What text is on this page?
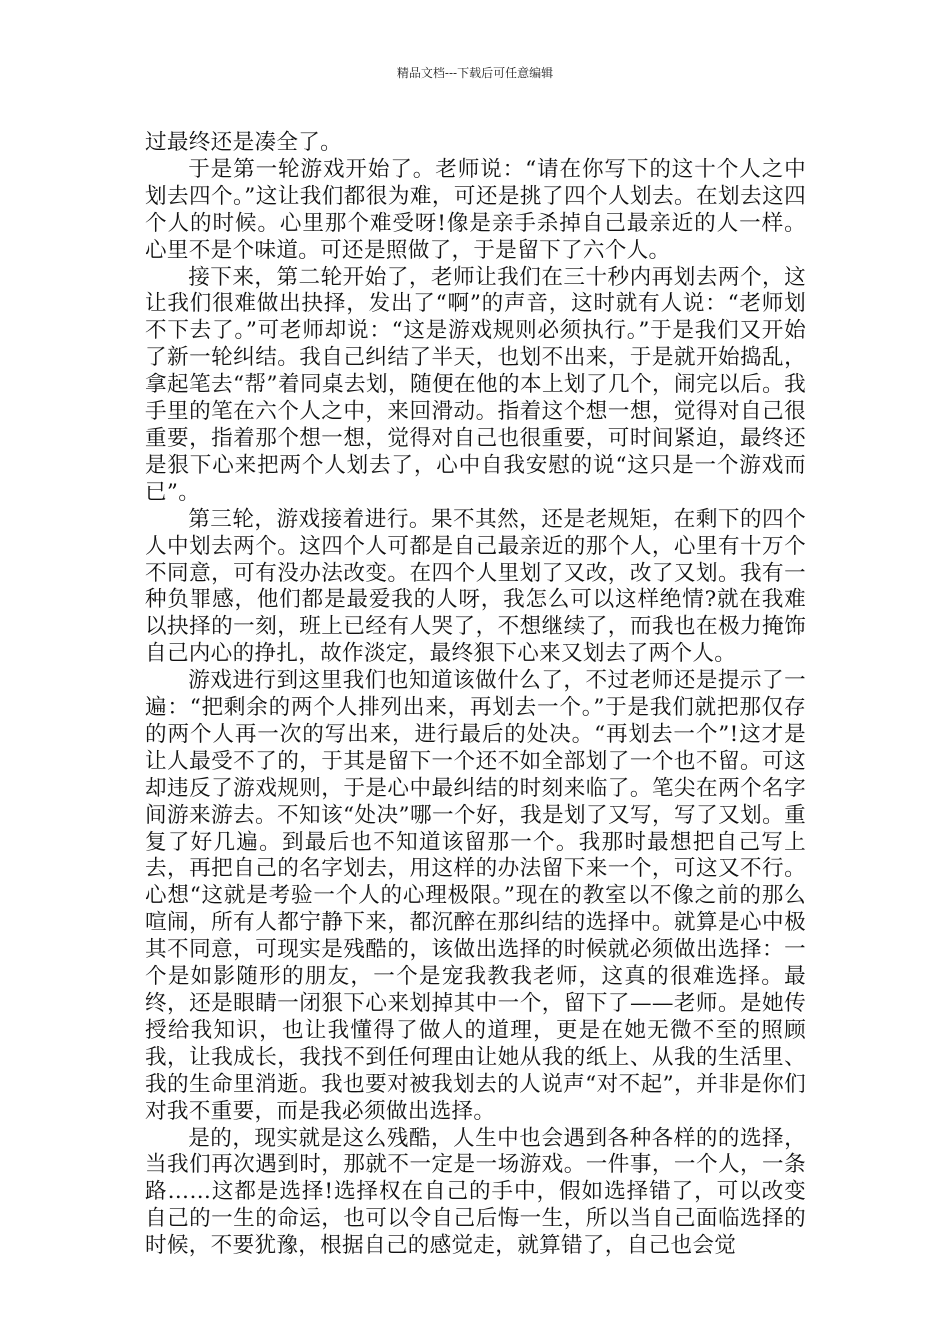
精品文档---下载后可任意编辑

过最终还是凑全了。

于是第一轮游戏开始了。老师说：“请在你写下的这十个人之中划去四个。”这让我们都很为难，可还是挑了四个人划去。在划去这四个人的时候。心里那个难受呀!像是亲手杀掉自己最亲近的人一样。心里不是个味道。可还是照做了，于是留下了六个人。

接下来，第二轮开始了，老师让我们在三十秒内再划去两个，这让我们很难做出抉择，发出了“啊”的声音，这时就有人说：“老师划不下去了。”可老师却说：“这是游戏规则必须执行。”于是我们又开始了新一轮纠结。我自己纠结了半天，也划不出来，于是就开始捣乱，拿起笔去“帮”着同桌去划，随便在他的本上划了几个，闹完以后。我手里的笔在六个人之中，来回滑动。指着这个想一想，觉得对自己很重要，指着那个想一想，觉得对自己也很重要，可时间紧迫，最终还是狠下心来把两个人划去了，心中自我安慰的说“这只是一个游戏而已”。

第三轮，游戏接着进行。果不其然，还是老规矩，在剩下的四个人中划去两个。这四个人可都是自己最亲近的那个人，心里有十万个不同意，可有没办法改变。在四个人里划了又改，改了又划。我有一种负罪感，他们都是最爱我的人呀，我怎么可以这样绝情?就在我难以抉择的一刻，班上已经有人哭了，不想继续了，而我也在极力掩饰自己内心的挣扎，故作淡定，最终狠下心来又划去了两个人。

游戏进行到这里我们也知道该做什么了，不过老师还是提示了一遍：“把剩余的两个人排列出来，再划去一个。”于是我们就把那仅存的两个人再一次的写出来，进行最后的处决。“再划去一个”!这才是让人最受不了的，于其是留下一个还不如全部划了一个也不留。可这却违反了游戏规则，于是心中最纠结的时刻来临了。笔尖在两个名字间游来游去。不知该“处决”哪一个好，我是划了又写，写了又划。重复了好几遍。到最后也不知道该留那一个。我那时最想把自己写上去，再把自己的名字划去，用这样的办法留下来一个，可这又不行。心想“这就是考验一个人的心理极限。”现在的教室以不像之前的那么喧闹，所有人都宁静下来，都沉醉在那纠结的选择中。就算是心中极其不同意，可现实是残酷的，该做出选择的时候就必须做出选择：一个是如影随形的朋友，一个是宠我教我老师，这真的很难选择。最终，还是眼睛一闭狠下心来划掉其中一个，留下了——老师。是她传授给我知识，也让我懂得了做人的道理，更是在她无微不至的照顾我，让我成长，我找不到任何理由让她从我的纸上、从我的生活里、我的生命里消逝。我也要对被我划去的人说声“对不起”，并非是你们对我不重要，而是我必须做出选择。

是的，现实就是这么残酷，人生中也会遇到各种各样的的选择，当我们再次遇到时，那就不一定是一场游戏。一件事，一个人，一条路……这都是选择!选择权在自己的手中，假如选择错了，可以改变自己的一生的命运，也可以令自己后悔一生，所以当自己面临选择的时候，不要犹豫，根据自己的感觉走，就算错了，自己也会觉
